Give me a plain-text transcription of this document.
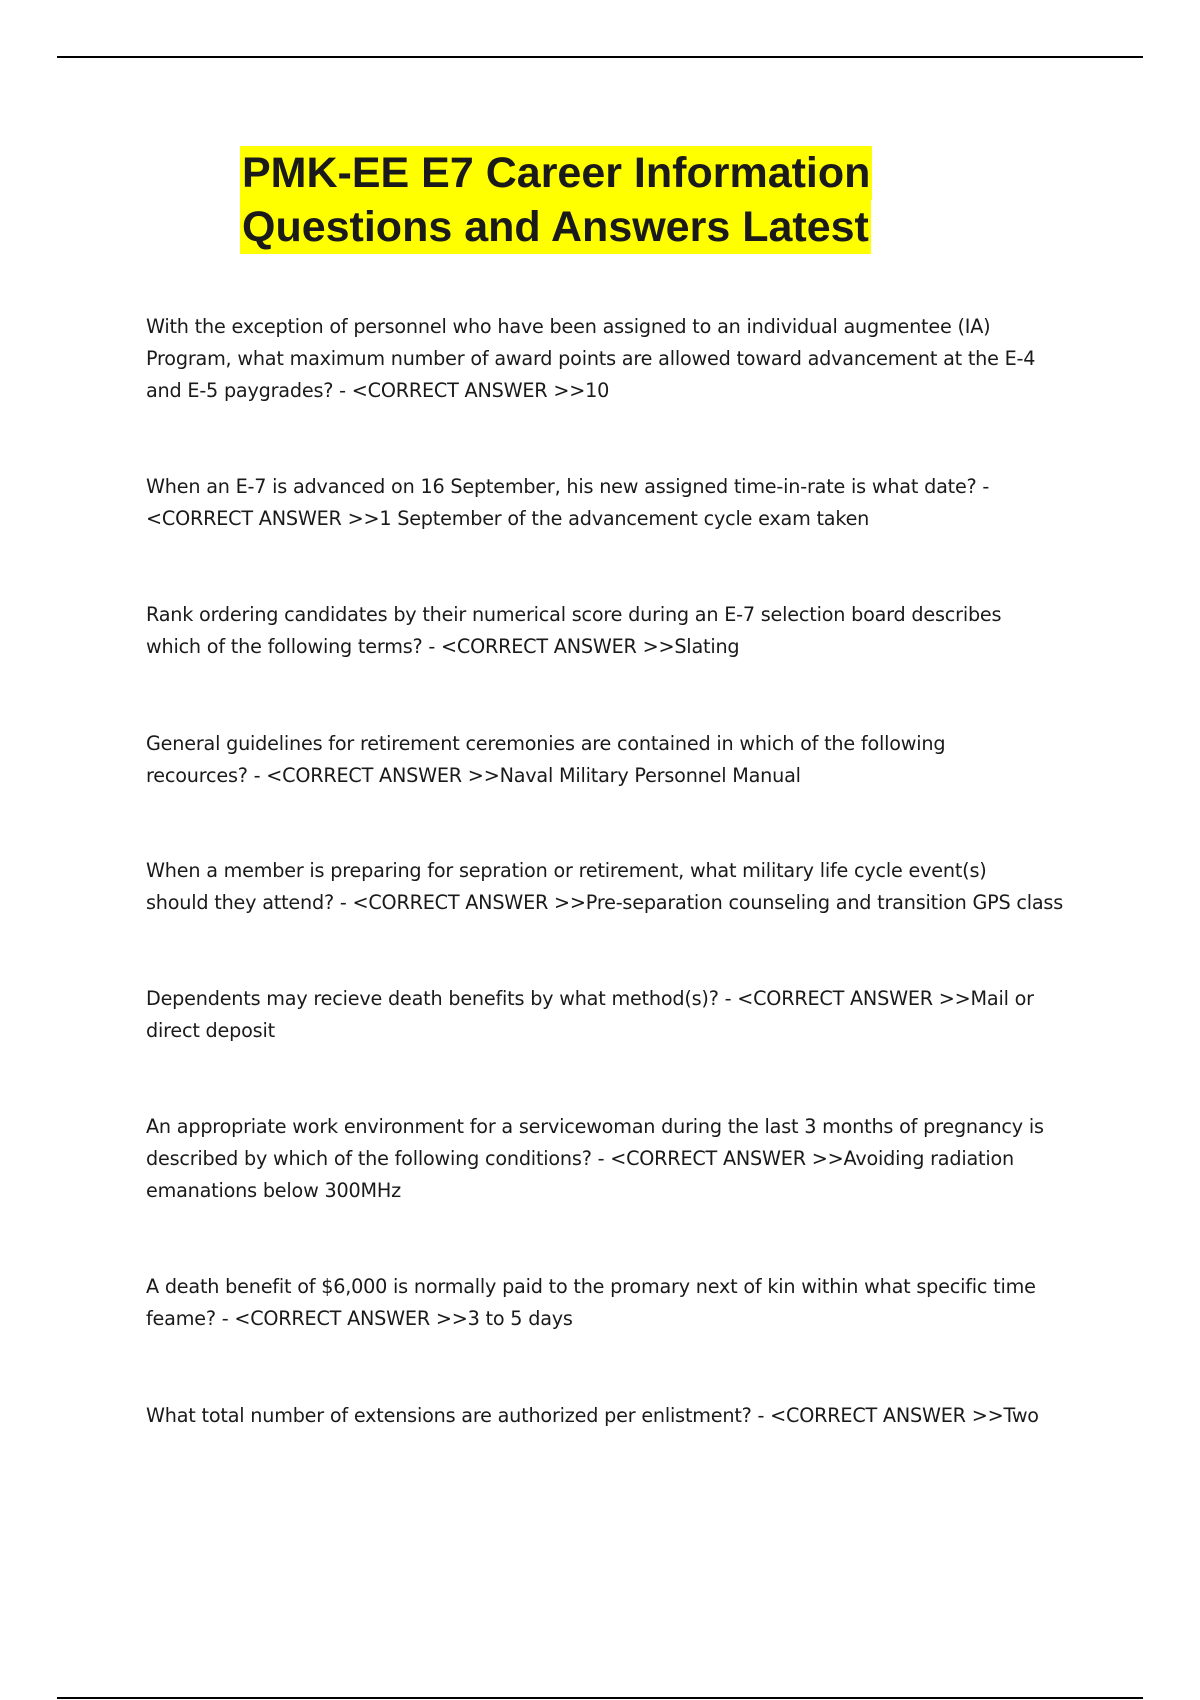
PMK-EE E7 Career Information
Questions and Answers Latest

With the exception of personnel who have been assigned to an individual augmentee (IA)

Program, what maximum number of award points are allowed toward advancement at the E-4

and E-5 paygrades? - <CORRECT ANSWER >>10

When an E-7 is advanced on 16 September, his new assigned time-in-rate is what date? -

<CORRECT ANSWER >>1 September of the advancement cycle exam taken

Rank ordering candidates by their numerical score during an E-7 selection board describes

which of the following terms? - <CORRECT ANSWER >>Slating

General guidelines for retirement ceremonies are contained in which of the following

recources? - <CORRECT ANSWER >>Naval Military Personnel Manual

When a member is preparing for sepration or retirement, what military life cycle event(s)

should they attend? - <CORRECT ANSWER >>Pre-separation counseling and transition GPS class

Dependents may recieve death benefits by what method(s)? - <CORRECT ANSWER >>Mail or

direct deposit

An appropriate work environment for a servicewoman during the last 3 months of pregnancy is

described by which of the following conditions? - <CORRECT ANSWER >>Avoiding radiation

emanations below 300MHz

A death benefit of $6,000 is normally paid to the promary next of kin within what specific time

feame? - <CORRECT ANSWER >>3 to 5 days

What total number of extensions are authorized per enlistment? - <CORRECT ANSWER >>Two
